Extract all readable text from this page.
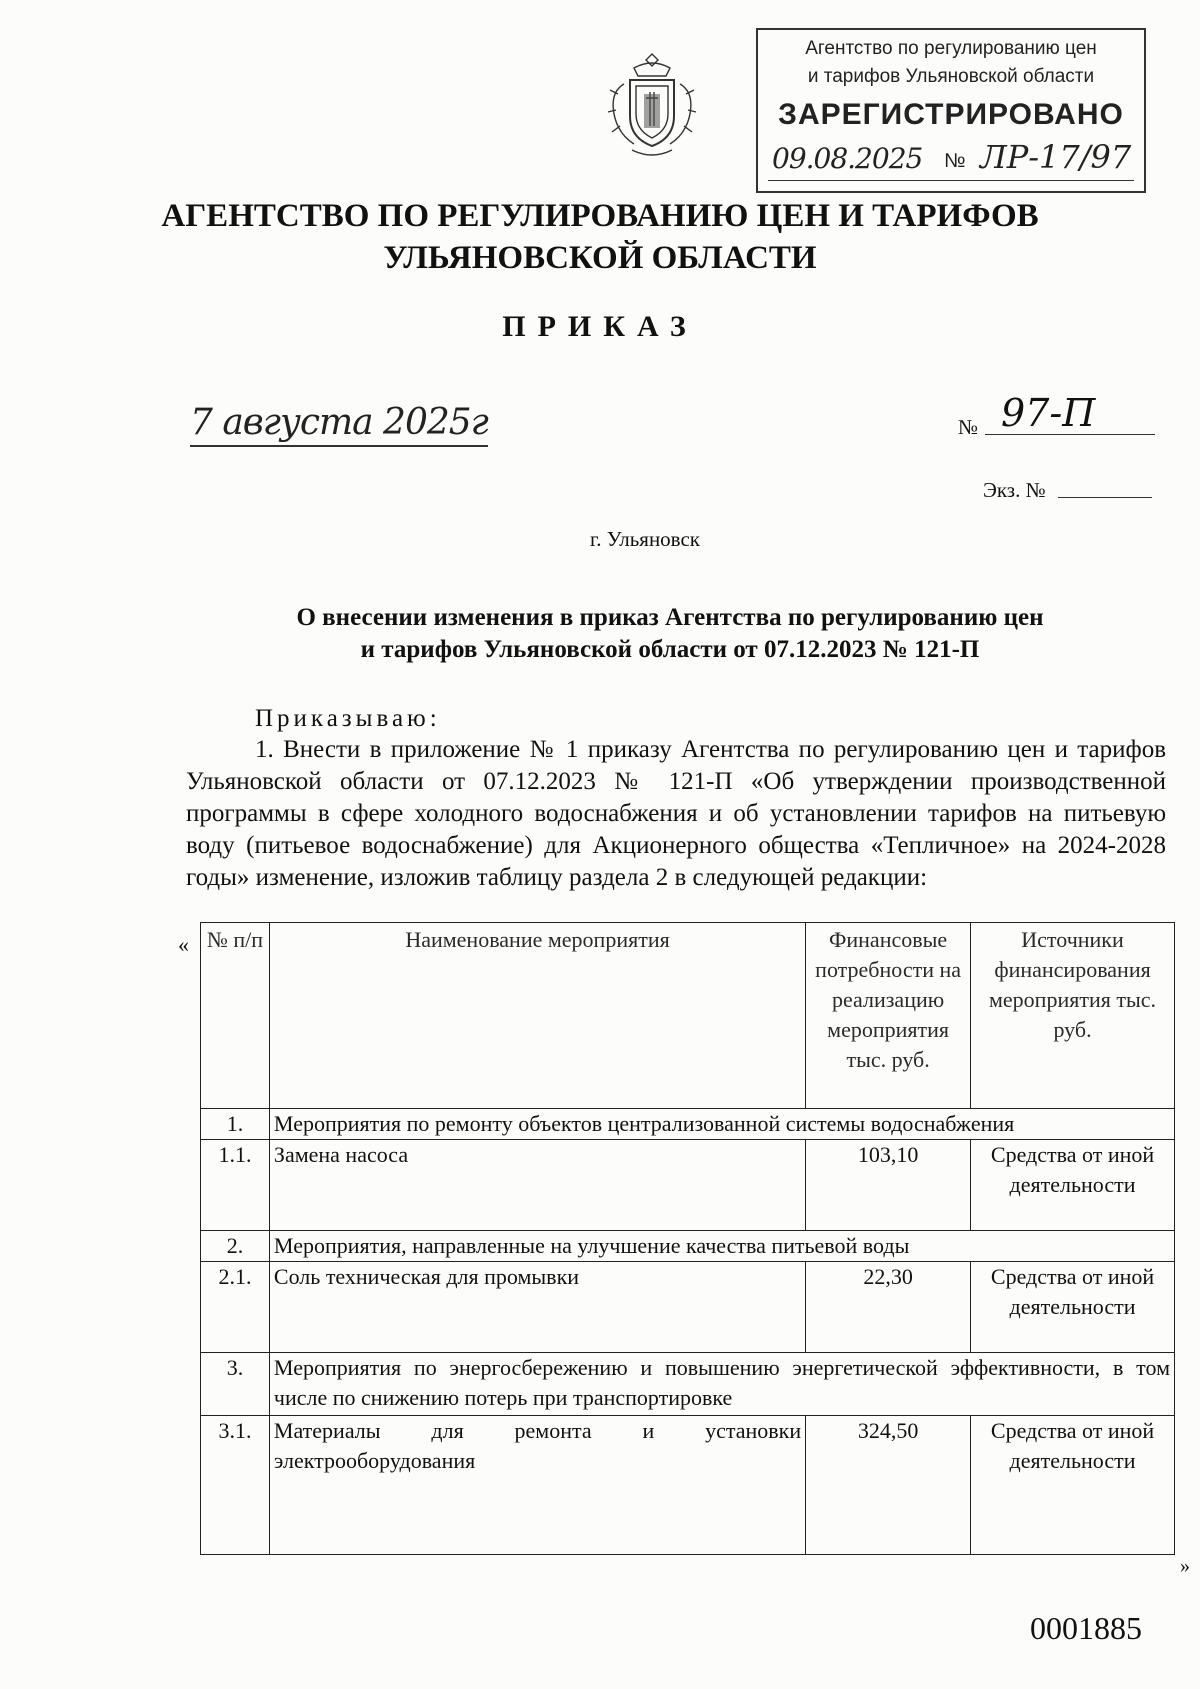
Агентство по регулированию цен
и тарифов Ульяновской области
ЗАРЕГИСТРИРОВАНО
09.08.2025 № ЛР-17/97
АГЕНТСТВО ПО РЕГУЛИРОВАНИЮ ЦЕН И ТАРИФОВ
УЛЬЯНОВСКОЙ ОБЛАСТИ
ПРИКАЗ
7 августа 2025г	№ 97-П
Экз. №
г. Ульяновск
О внесении изменения в приказ Агентства по регулированию цен
и тарифов Ульяновской области от 07.12.2023 № 121-П
Приказываю:
1. Внести в приложение № 1 приказу Агентства по регулированию цен и тарифов Ульяновской области от 07.12.2023 № 121-П «Об утверждении производственной программы в сфере холодного водоснабжения и об установлении тарифов на питьевую воду (питьевое водоснабжение) для Акционерного общества «Тепличное» на 2024-2028 годы» изменение, изложив таблицу раздела 2 в следующей редакции:
« № п/п	Наименование мероприятия	Финансовые потребности на реализацию мероприятия тыс. руб.	Источники финансирования мероприятия тыс. руб.
1.	Мероприятия по ремонту объектов централизованной системы водоснабжения		
1.1.	Замена насоса	103,10	Средства от иной деятельности
2.	Мероприятия, направленные на улучшение качества питьевой воды		
2.1.	Соль техническая для промывки	22,30	Средства от иной деятельности
3.	Мероприятия по энергосбережению и повышению энергетической эффективности, в том числе по снижению потерь при транспортировке		
3.1.	Материалы для ремонта и установки электрооборудования	324,50	Средства от иной деятельности
»
0001885
